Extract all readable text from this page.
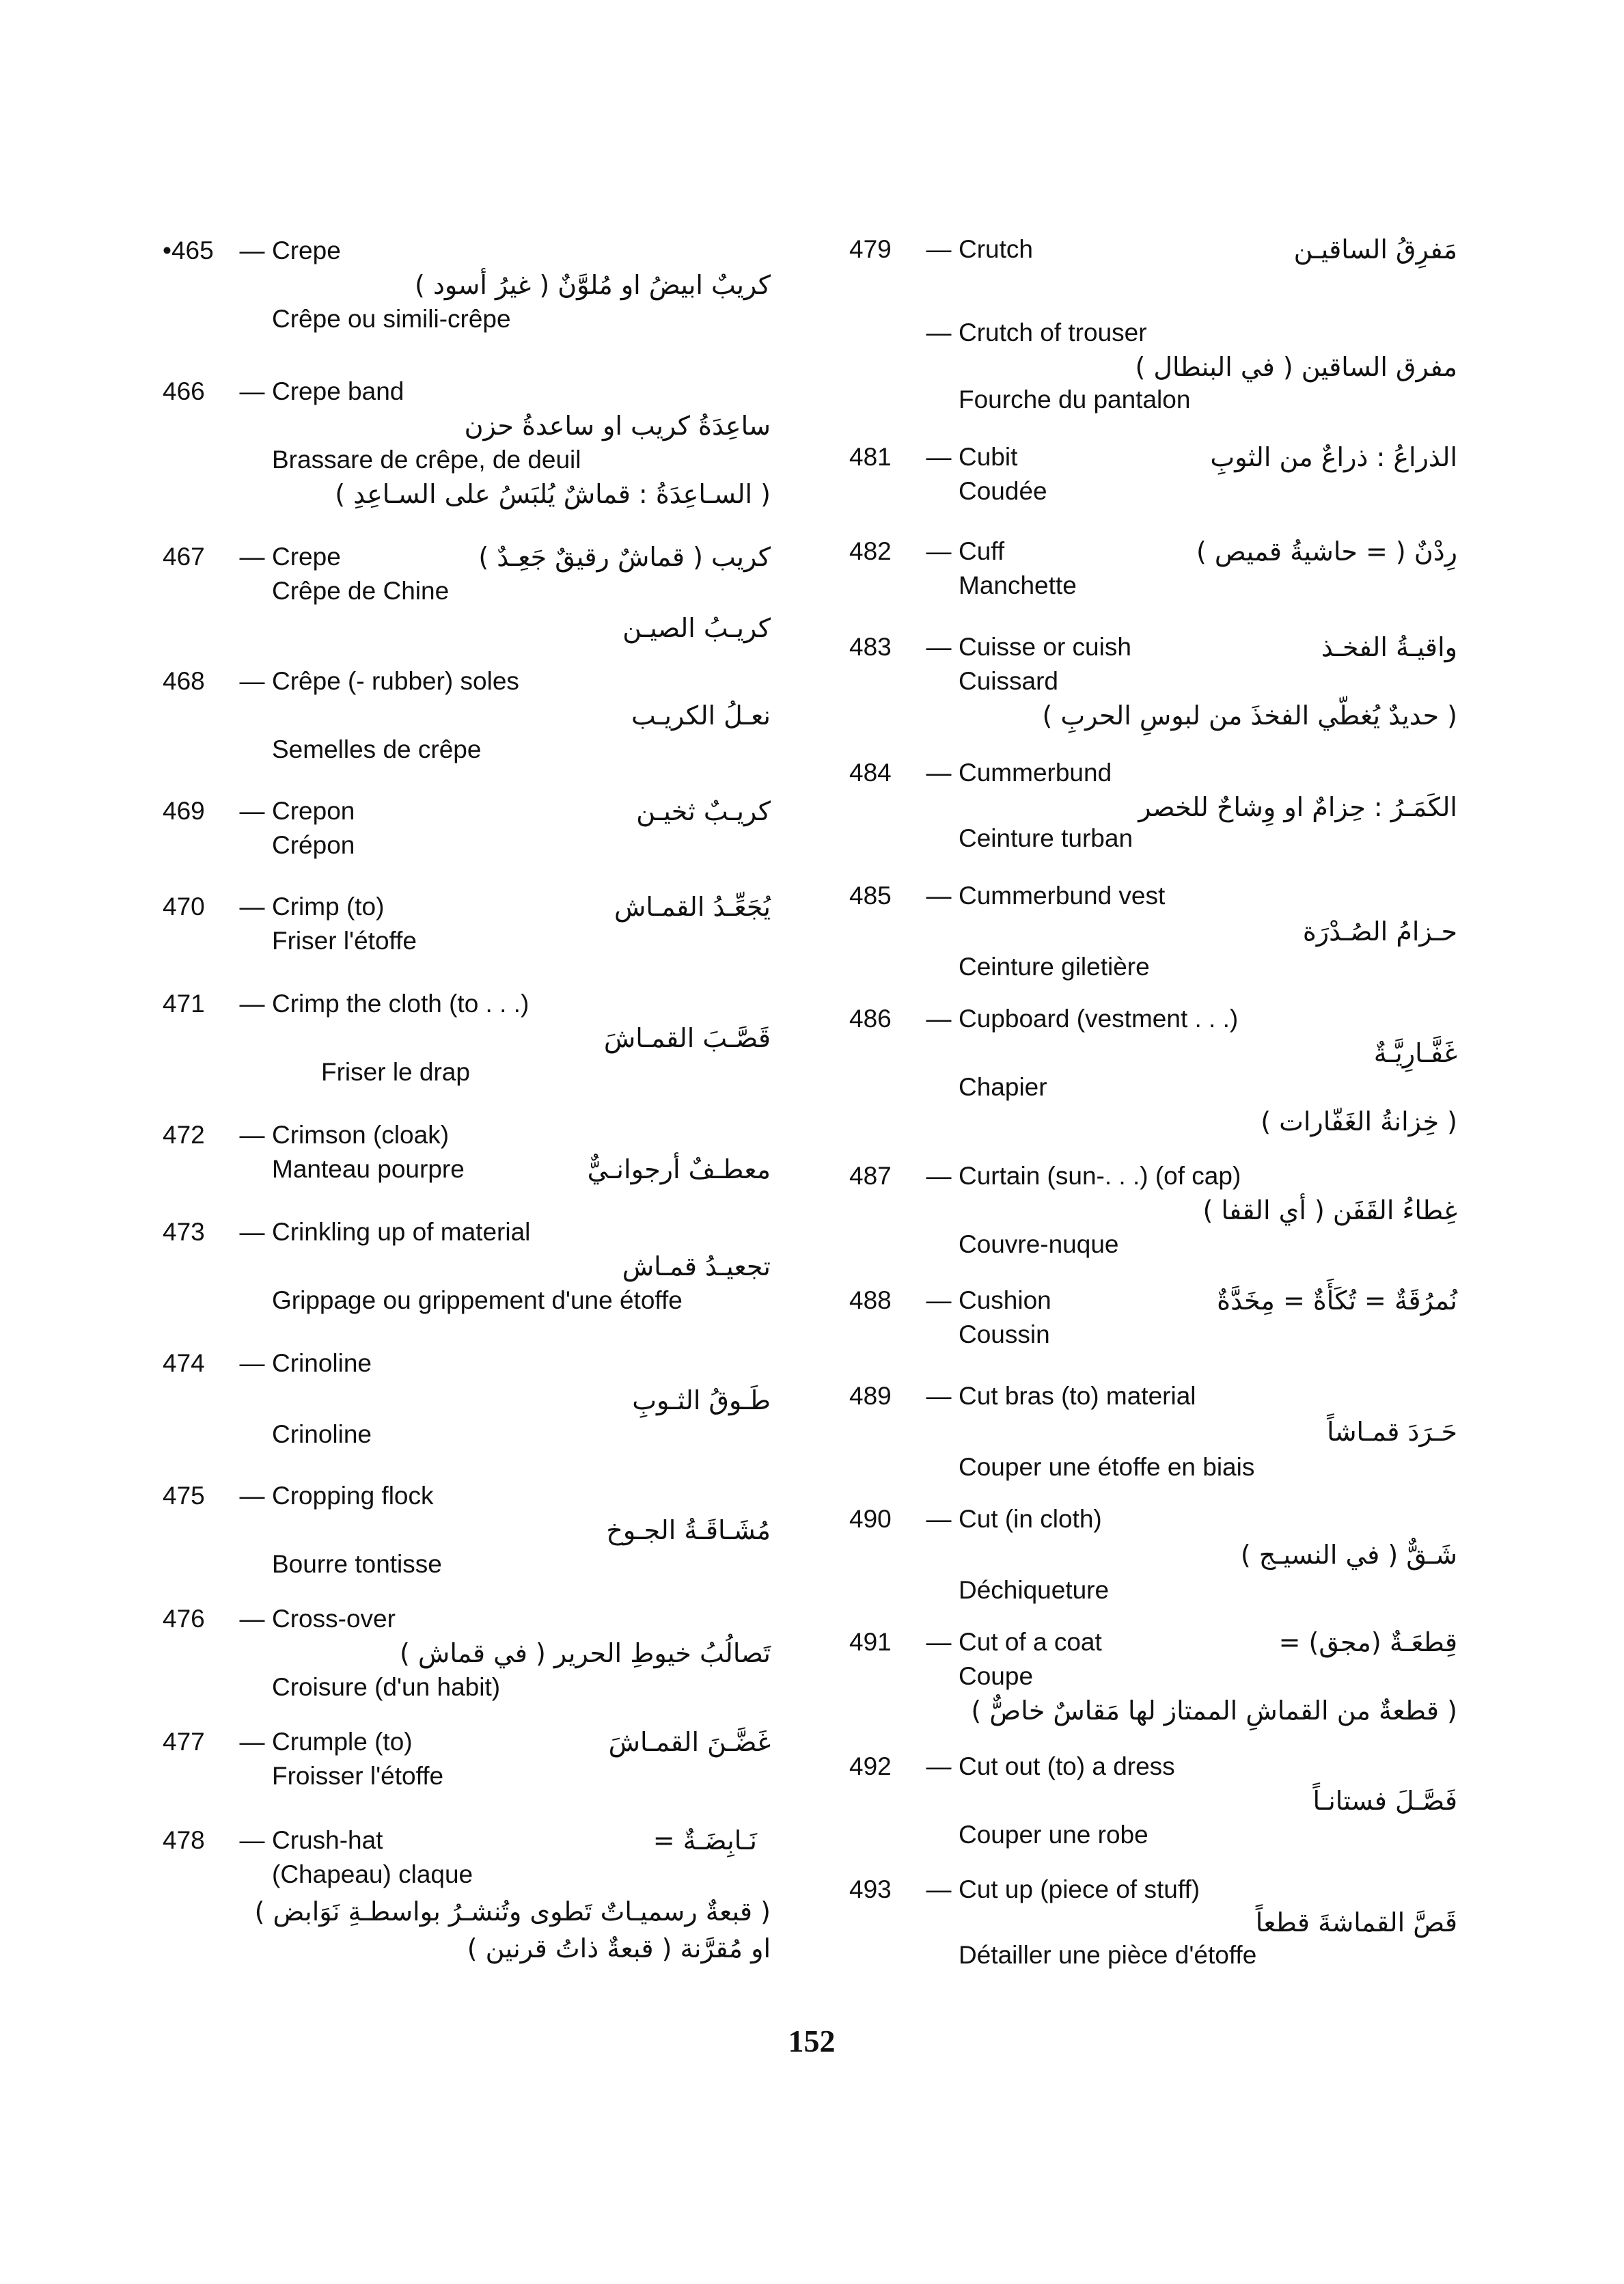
•465	— Crepe
كريبٌ ابيضُ او مُلوَّنٌ ( غيرُ أسود )
Crêpe ou simili-crêpe
466	— Crepe band
ساعِدَةُ كريب او ساعدةُ حزن
Brassare de crêpe, de deuil
( السـاعِدَةُ : قماشٌ يُلبَسُ على السـاعِدِ )
467	— Crepe	كريب ( قماشٌ رقيقٌ جَعِـدٌ )
Crêpe de Chine
كريـبُ الصيـن
468	— Crêpe (- rubber) soles
نعـلُ الكريـب
Semelles de crêpe
469	— Crepon	كريـبٌ ثخيـن
Crépon
470	— Crimp (to)	يُجَعِّـدُ القمـاش
Friser l'étoffe
471	— Crimp the cloth (to . . .)
قَصَّـبَ القمـاشَ
Friser le drap
472	— Crimson (cloak)
Manteau pourpre	معطـفٌ أرجوانـيٌّ
473	— Crinkling up of material
تجعيـدُ قمـاش
Grippage ou grippement d'une étoffe
474	— Crinoline
طَـوقُ الثـوبِ
Crinoline
475	— Cropping flock
مُشَـاقَـةُ الجـوخ
Bourre tontisse
476	— Cross-over
تَصالُبُ خيوطِ الحرير ( في قماش )
Croisure (d'un habit)
477	— Crumple (to)	غَضَّـنَ القمـاشَ
Froisser l'étoffe
478	— Crush-hat	نَـابِضَـةٌ =
(Chapeau) claque
( قبعةٌ رسميـاتٌ تَطوى وتُنشـرُ بواسطـةِ نَوَابض )
او مُقرَّنة ( قبعةٌ ذاتُ قرنين )
479	— Crutch	مَفرِقُ الساقيـن
— Crutch of trouser
مفرق الساقين ( في البنطال )
Fourche du pantalon
481	— Cubit	الذراعُ : ذراعٌ من الثوبِ
Coudée
482	— Cuff	رِدْنٌ ( = حاشيةُ قميص )
Manchette
483	— Cuisse or cuish	واقيـةُ الفخـذ
Cuissard
( حديدٌ يُغطّي الفخذَ من لبوسِ الحربِ )
484	— Cummerbund
الكَمَـرُ : حِزامٌ او وِشاحٌ للخصر
Ceinture turban
485	— Cummerbund vest
حـزامُ الصُـدْرَة
Ceinture giletière
486	— Cupboard (vestment . . .)
غَفَّـارِيَّـةٌ
Chapier
( خِزانةُ الغَفّارات )
487	— Curtain (sun-. . .) (of cap)
غِطاءُ القَفَن ( أي القفا )
Couvre-nuque
488	— Cushion	نُمرُقَةٌ = تُكَأَةٌ = مِخَدَّةٌ
Coussin
489	— Cut bras (to) material
حَـرَدَ قمـاشاً
Couper une étoffe en biais
490	— Cut (in cloth)
شَـقٌّ ( في النسيـج )
Déchiqueture
491	— Cut of a coat	قِطعَـةٌ (مجق) =
Coupe
( قطعةٌ من القماشِ الممتاز لها مَقاسٌ خاصٌّ )
492	— Cut out (to) a dress
فَصَّـلَ فستانـاً
Couper une robe
493	— Cut up (piece of stuff)
قَصَّ القماشةَ قطعاً
Détailler une pièce d'étoffe
152
